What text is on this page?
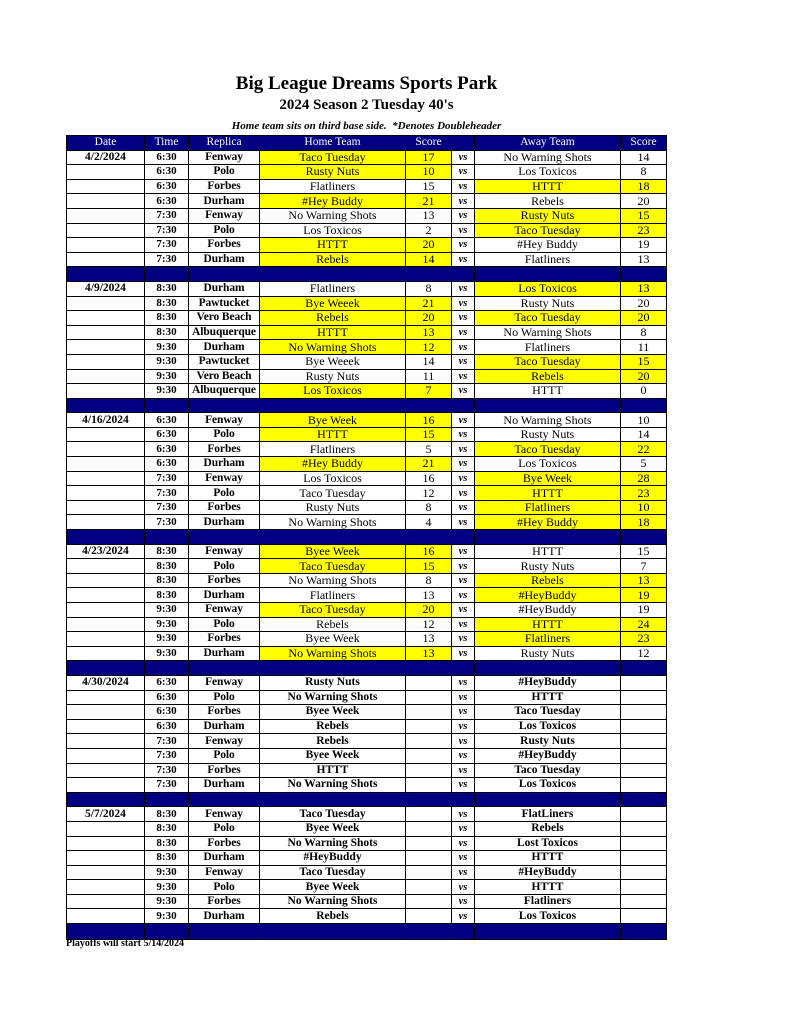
Big League Dreams Sports Park
2024 Season 2 Tuesday 40's
Home team sits on third base side.  *Denotes Doubleheader
Date	Time	Replica	Home Team	Score	Away Team	Score
4/2/2024	6:30	Fenway	Taco Tuesday	17	vs	No Warning Shots	14
6:30	Polo	Rusty Nuts	10	vs	Los Toxicos	8
6:30	Forbes	Flatliners	15	vs	HTTT	18
6:30	Durham	#Hey Buddy	21	vs	Rebels	20
7:30	Fenway	No Warning Shots	13	vs	Rusty Nuts	15
7:30	Polo	Los Toxicos	2	vs	Taco Tuesday	23
7:30	Forbes	HTTT	20	vs	#Hey Buddy	19
7:30	Durham	Rebels	14	vs	Flatliners	13
4/9/2024	8:30	Durham	Flatliners	8	vs	Los Toxicos	13
8:30	Pawtucket	Bye Weeek	21	vs	Rusty Nuts	20
8:30	Vero Beach	Rebels	20	vs	Taco Tuesday	20
8:30	Albuquerque	HTTT	13	vs	No Warning Shots	8
9:30	Durham	No Warning Shots	12	vs	Flatliners	11
9:30	Pawtucket	Bye Weeek	14	vs	Taco Tuesday	15
9:30	Vero Beach	Rusty Nuts	11	vs	Rebels	20
9:30	Albuquerque	Los Toxicos	7	vs	HTTT	0
4/16/2024	6:30	Fenway	Bye Week	16	vs	No Warning Shots	10
6:30	Polo	HTTT	15	vs	Rusty Nuts	14
6:30	Forbes	Flatliners	5	vs	Taco Tuesday	22
6:30	Durham	#Hey Buddy	21	vs	Los Toxicos	5
7:30	Fenway	Los Toxicos	16	vs	Bye Week	28
7:30	Polo	Taco Tuesday	12	vs	HTTT	23
7:30	Forbes	Rusty Nuts	8	vs	Flatliners	10
7:30	Durham	No Warning Shots	4	vs	#Hey Buddy	18
4/23/2024	8:30	Fenway	Byee Week	16	vs	HTTT	15
8:30	Polo	Taco Tuesday	15	vs	Rusty Nuts	7
8:30	Forbes	No Warning Shots	8	vs	Rebels	13
8:30	Durham	Flatliners	13	vs	#HeyBuddy	19
9:30	Fenway	Taco Tuesday	20	vs	#HeyBuddy	19
9:30	Polo	Rebels	12	vs	HTTT	24
9:30	Forbes	Byee Week	13	vs	Flatliners	23
9:30	Durham	No Warning Shots	13	vs	Rusty Nuts	12
4/30/2024	6:30	Fenway	Rusty Nuts	vs	#HeyBuddy
6:30	Polo	No Warning Shots	vs	HTTT
6:30	Forbes	Byee Week	vs	Taco Tuesday
6:30	Durham	Rebels	vs	Los Toxicos
7:30	Fenway	Rebels	vs	Rusty Nuts
7:30	Polo	Byee Week	vs	#HeyBuddy
7:30	Forbes	HTTT	vs	Taco Tuesday
7:30	Durham	No Warning Shots	vs	Los Toxicos
5/7/2024	8:30	Fenway	Taco Tuesday	vs	FlatLiners
8:30	Polo	Byee Week	vs	Rebels
8:30	Forbes	No Warning Shots	vs	Lost Toxicos
8:30	Durham	#HeyBuddy	vs	HTTT
9:30	Fenway	Taco Tuesday	vs	#HeyBuddy
9:30	Polo	Byee Week	vs	HTTT
9:30	Forbes	No Warning Shots	vs	Flatliners
9:30	Durham	Rebels	vs	Los Toxicos
Playoffs will start 5/14/2024
